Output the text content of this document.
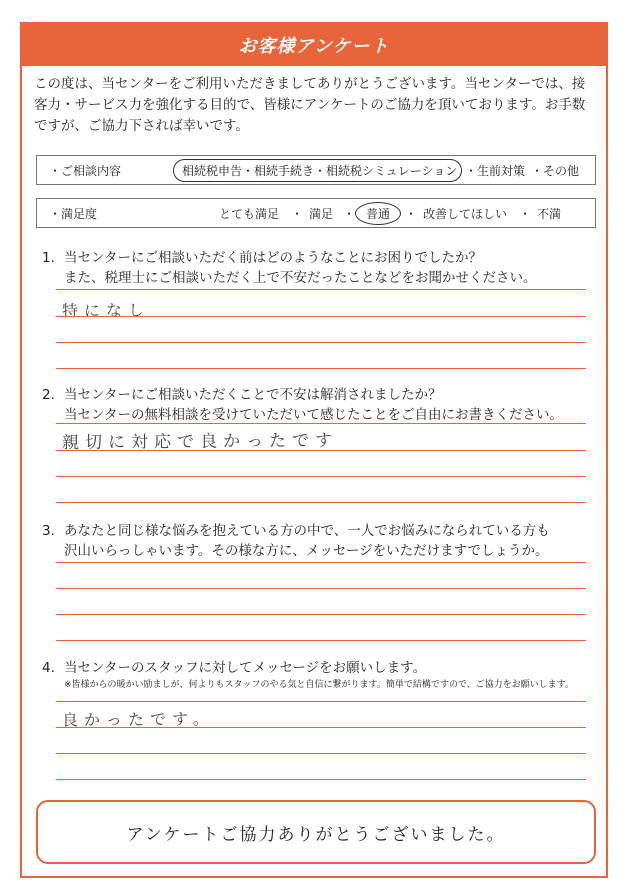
お客様アンケート
この度は、当センターをご利用いただきましてありがとうございます。当センターでは、接客力・サービス力を強化する目的で、皆様にアンケートのご協力を頂いております。お手数ですが、ご協力下されば幸いです。
・ご相談内容	相続税申告・相続手続き・相続税シミュレーション ・生前対策 ・その他
・満足度	とても満足 ・ 満足 ・ 普通	・ 改善してほしい ・ 不満
1. 当センターにご相談いただく前はどのようなことにお困りでしたか？
また、税理士にご相談いただく上で不安だったことなどをお聞かせください。
特になし
2. 当センターにご相談いただくことで不安は解消されましたか？
当センターの無料相談を受けていただいて感じたことをご自由にお書きください。
親切に対応で良かったです
3. あなたと同じ様な悩みを抱えている方の中で、一人でお悩みになられている方も
沢山いらっしゃいます。その様な方に、メッセージをいただけますでしょうか。
4. 当センターのスタッフに対してメッセージをお願いします。
※皆様からの暖かい励ましが、何よりもスタッフのやる気と自信に繋がります。簡単で結構ですので、ご協力をお願いします。
良かったです。
アンケートご協力ありがとうございました。
